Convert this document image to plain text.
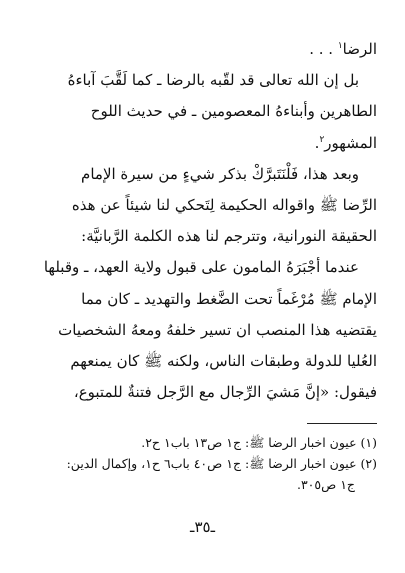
الرضا$^١$ . . .

بل إن الله تعالى قد لقّبه بالرضا ـ كما لَقَّبَ آباءهُ

الطاهرين وأبناءهُ المعصومين ـ في حديث اللوح

المشهور$^٢$.

وبعد هذا، فَلْنَتَبرَّكْ بذكر شيءٍ من سيرة الإمام

الرِّضا ﷺ واقواله الحكيمة لِتَحكي لنا شيئاً عن هذه

الحقيقة النورانية، وتترجم لنا هذه الكلمة الرَّبانيَّة:

عندما أجْبَرَهُ المامون على قبول ولاية العهد، ـ وقبلها

الإمام ﷺ مُرْغَماً تحت الضَّغط والتهديد ـ كان مما

يقتضيه هذا المنصب ان تسير خلفهُ ومعهُ الشخصيات

العُليا للدولة وطبقات الناس، ولكنه ﷺ كان يمنعهم

فيقول: «إنَّ مَشيَ الرِّجال مع الرَّجل فتنةٌ للمتبوع،

(١) عيون اخبار الرضا ﷺ: ج١ ص١٣ باب١ ح٢.

(٢) عيون اخبار الرضا ﷺ: ج١ ص٤٠ باب٦ ح١، وإكمال الدين:

ج١ ص٣٠٥.

ـ٣٥ـ
